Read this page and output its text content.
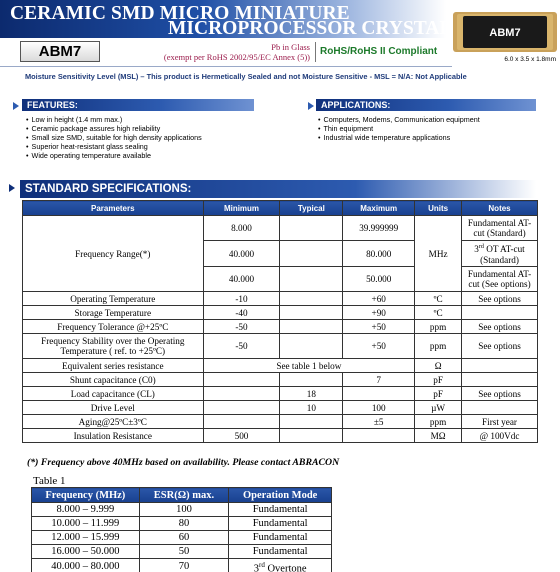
CERAMIC SMD MICRO MINIATURE
MICROPROCESSOR CRYSTAL	ABM7
6.0 x 3.5 x 1.8mm
ABM7	Pb in Glass
(exempt per RoHS 2002/95/EC Annex (5)) RoHS/RoHS II Compliant
Moisture Sensitivity Level (MSL) – This product is Hermetically Sealed and not Moisture Sensitive - MSL = N/A: Not Applicable
FEATURES:
• Low in height (1.4 mm max.)
• Ceramic package assures high reliability
• Small size SMD, suitable for high density applications
• Superior heat-resistant glass sealing
• Wide operating temperature available
APPLICATIONS:
• Computers, Modems, Communication equipment
• Thin equipment
• Industrial wide temperature applications
STANDARD SPECIFICATIONS:
Parameters	Minimum	Typical	Maximum	Units	Notes
Frequency Range(*)	8.000		39.999999	MHz	Fundamental AT-cut (Standard)
	40.000		80.000		3rd OT AT-cut (Standard)
	40.000		50.000		Fundamental AT-cut (See options)
Operating Temperature	-10		+60	ºC	See options
Storage Temperature	-40		+90	ºC	
Frequency Tolerance @+25ºC	-50		+50	ppm	See options
Frequency Stability over the Operating Temperature ( ref. to +25ºC)	-50		+50	ppm	See options
Equivalent series resistance	See table 1 below			Ω	
Shunt capacitance (C0)			7	pF	
Load capacitance (CL)		18		pF	See options
Drive Level		10	100	µW	
Aging@25ºC±3ºC			±5	ppm	First year
Insulation Resistance	500			MΩ	@ 100Vdc
(*) Frequency above 40MHz based on availability. Please contact ABRACON
Table 1
Frequency (MHz)	ESR(Ω) max.	Operation Mode
8.000 – 9.999	100	Fundamental
10.000 – 11.999	80	Fundamental
12.000 – 15.999	60	Fundamental
16.000 – 50.000	50	Fundamental
40.000 – 80.000	70	3rd Overtone
